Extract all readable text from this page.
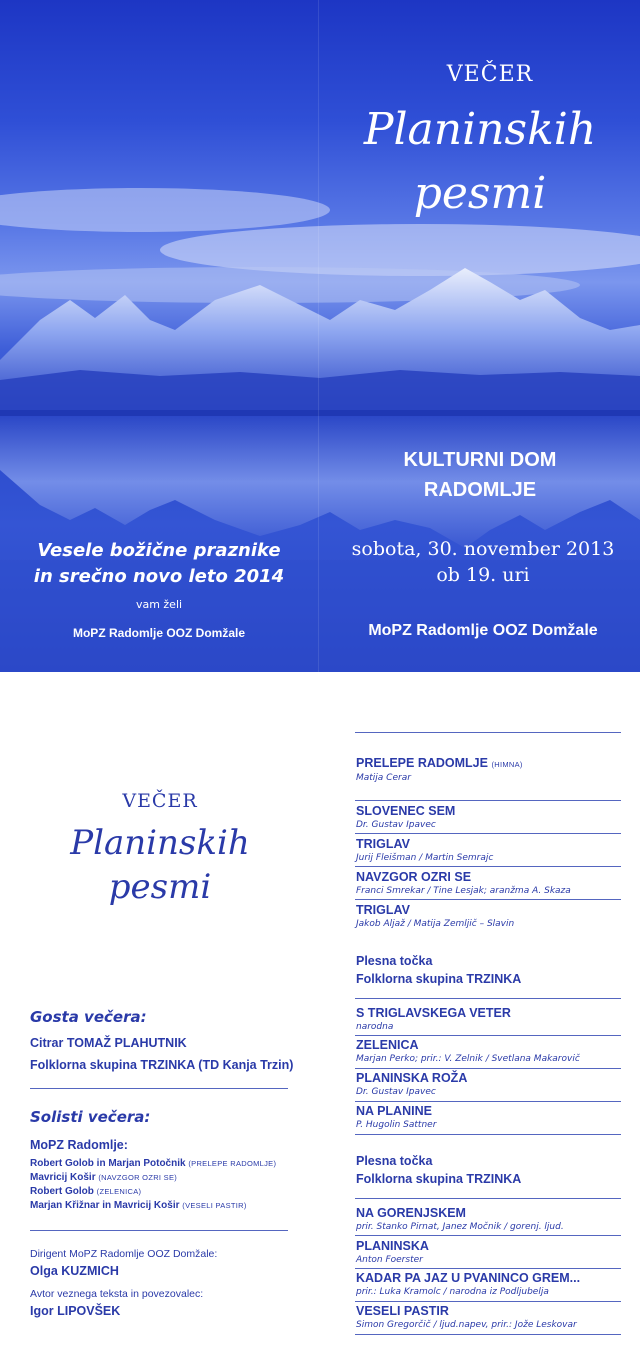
VEČER
Planinskih
pesmi
KULTURNI DOM
RADOMLJE
sobota, 30. november 2013
ob 19. uri
MoPZ Radomlje OOZ Domžale
Vesele božične praznike
in srečno novo leto 2014
vam želi
MoPZ Radomlje OOZ Domžale
VEČER
Planinskih
pesmi
Gosta večera:
Citrar TOMAŽ PLAHUTNIK
Folklorna skupina TRZINKA (TD Kanja Trzin)
Solisti večera:
MoPZ Radomlje:
Robert Golob in Marjan Potočnik (PRELEPE RADOMLJE)
Mavricij Košir (NAVZGOR OZRI SE)
Robert Golob (ZELENICA)
Marjan Křižnar in Mavricij Košir (VESELI PASTIR)
Dirigent MoPZ Radomlje OOZ Domžale:
Olga KUZMICH
Avtor veznega teksta in povezovalec:
Igor LIPOVŠEK
PRELEPE RADOMLJE (HIMNA)
Matija Cerar
SLOVENEC SEM
Dr. Gustav Ipavec
TRIGLAV
Jurij Fleišman / Martin Semrajc
NAVZGOR OZRI SE
Franci Smrekar / Tine Lesjak; aranžma A. Skaza
TRIGLAV
Jakob Aljaž / Matija Zemljič – Slavin
Plesna točka
Folklorna skupina TRZINKA
S TRIGLAVSKEGA VETER
narodna
ZELENICA
Marjan Perko; prir.: V. Zelnik / Svetlana Makarovič
PLANINSKA ROŽA
Dr. Gustav Ipavec
NA PLANINE
P. Hugolin Sattner
Plesna točka
Folklorna skupina TRZINKA
NA GORENJSKEM
prir. Stanko Pirnat, Janez Močnik / gorenj. ljud.
PLANINSKA
Anton Foerster
KADAR PA JAZ U PVANINCO GREM...
prir.: Luka Kramolc / narodna iz Podljubelja
VESELI PASTIR
Simon Gregorčič / ljud.napev, prir.: Jože Leskovar
